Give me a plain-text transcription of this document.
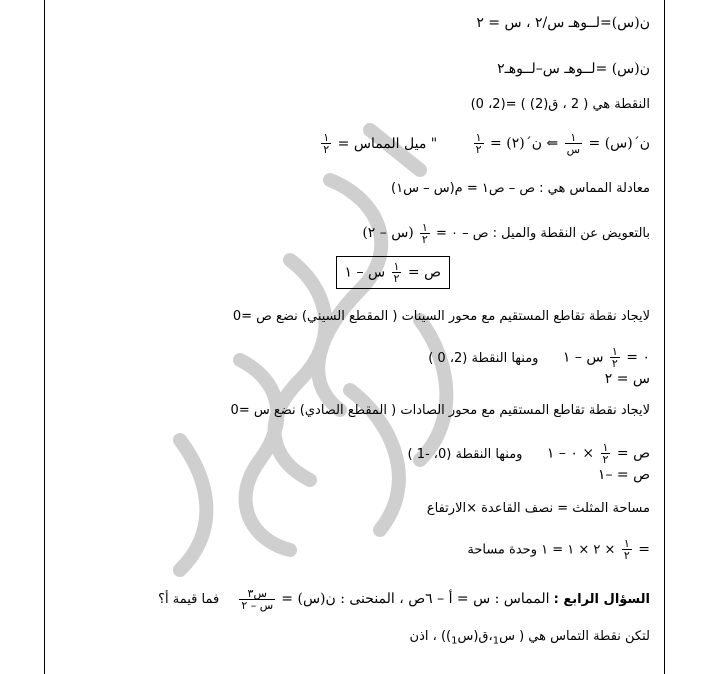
ن(س)=لــو‌هـ س/٢ ، س = ٢
ن(س) =لــو‌هـ س–لــو‌هـ٢
النقطة هي ( 2 ، ق(2) ) =(2، 0)
ن´(س) =
$\frac{١}{\text{س}}$
⇐ ن´(٢) =
$\frac{١}{٢}$
" ميل المماس =
$\frac{١}{٢}$
معادلة المماس هي : ص – ص١ = م(س – س١)
بالتعويض عن النقطة والميل : ص – ٠ =
$\frac{١}{٢}$
(س – ٢)
ص =
$\frac{١}{٢}$
س – ١
لايجاد نقطة تقاطع المستقيم مع محور السينات ( المقطع السيني) نضع ص =0
٠ =
$\frac{١}{٢}$
س – ١ ومنها النقطة (2، 0 )
س = ٢
لايجاد نقطة تقاطع المستقيم مع محور الصادات ( المقطع الصادي) نضع س =0
ص =
$\frac{١}{٢}$
× ٠ – ١ ومنها النقطة (0، -1 )
ص = –١
مساحة المثلث = نصف القاعدة ×الارتفاع
=
$\frac{١}{٢}$
× ٢ × ١ = ١ وحدة مساحة
السؤال الرابع : المماس : س = أ – ٦ص ، المنحنى : ن(س) =
$\frac{\text{س٣}}{\text{س – ٢}}$
فما قيمة أ؟
لتكن نقطة التماس هي ( س$_1$،ق(س$_1$)) ، اذن
